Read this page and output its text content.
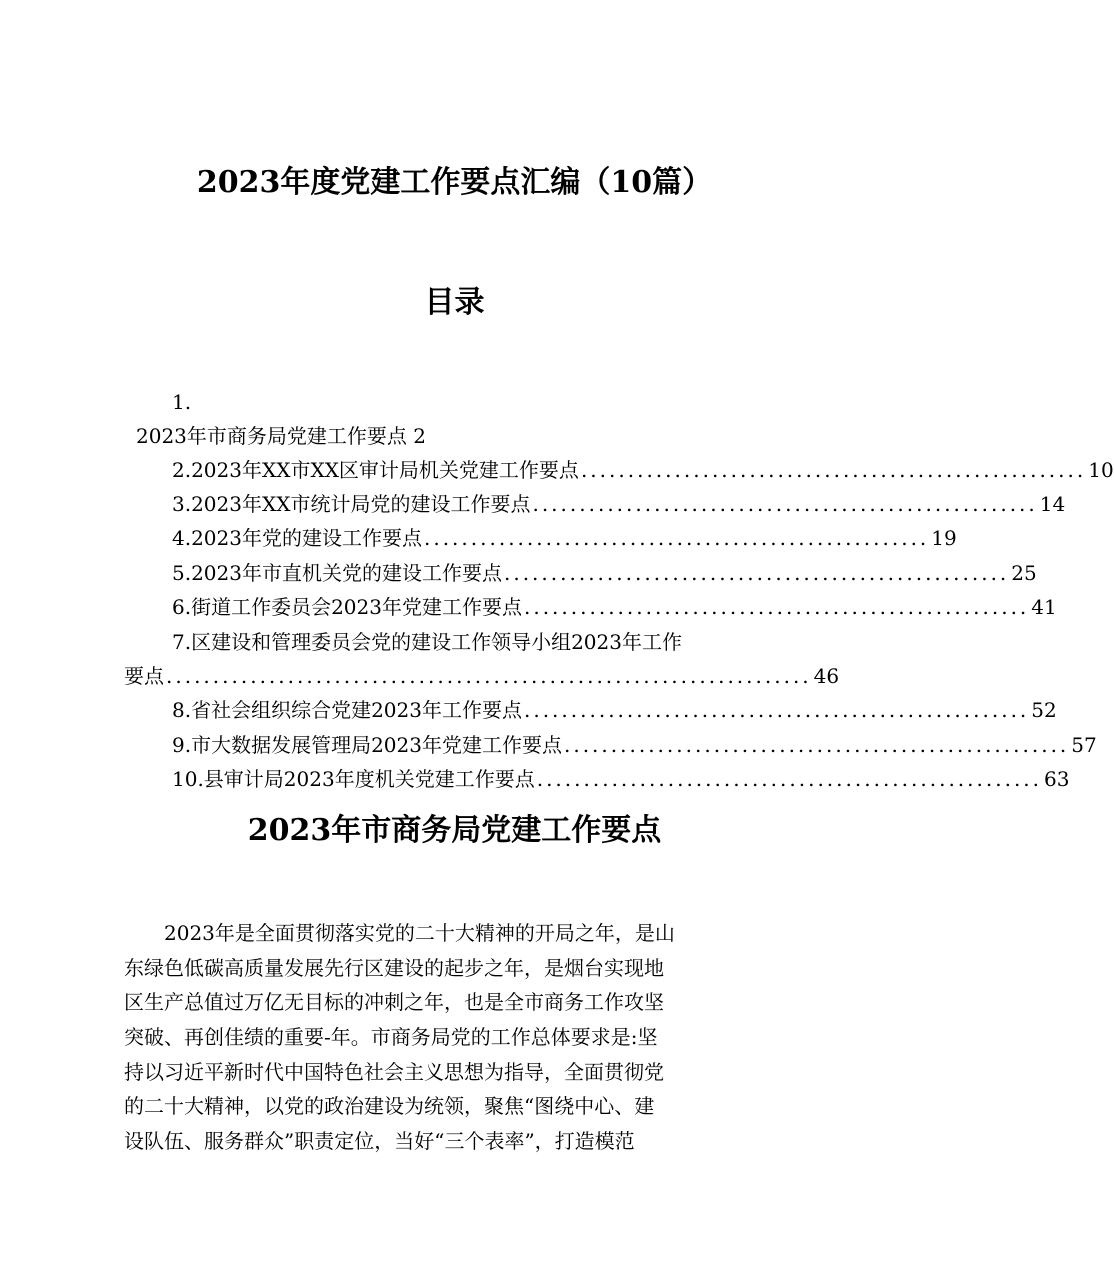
2023年度党建工作要点汇编（10篇）
目录
1.
2023年市商务局党建工作要点 2
2.2023年XX市XX区审计局机关党建工作要点 ...................................................... 10
3.2023年XX市统计局党的建设工作要点 ...................................................... 14
4.2023年党的建设工作要点 ...................................................... 19
5.2023年市直机关党的建设工作要点 ...................................................... 25
6.街道工作委员会2023年党建工作要点 ...................................................... 41
7.区建设和管理委员会党的建设工作领导小组2023年工作
要点 ..................................................................... 46
8.省社会组织综合党建2023年工作要点 ...................................................... 52
9.市大数据发展管理局2023年党建工作要点 ...................................................... 57
10.县审计局2023年度机关党建工作要点 ...................................................... 63
2023年市商务局党建工作要点
　　2023年是全面贯彻落实党的二十大精神的开局之年，是山
东绿色低碳高质量发展先行区建设的起步之年，是烟台实现地
区生产总值过万亿无目标的冲刺之年，也是全市商务工作攻坚
突破、再创佳绩的重要-年。市商务局党的工作总体要求是:坚
持以习近平新时代中国特色社会主义思想为指导，全面贯彻党
的二十大精神，以党的政治建设为统领，聚焦“图绕中心、建
设队伍、服务群众”职责定位，当好“三个表率”，打造模范
